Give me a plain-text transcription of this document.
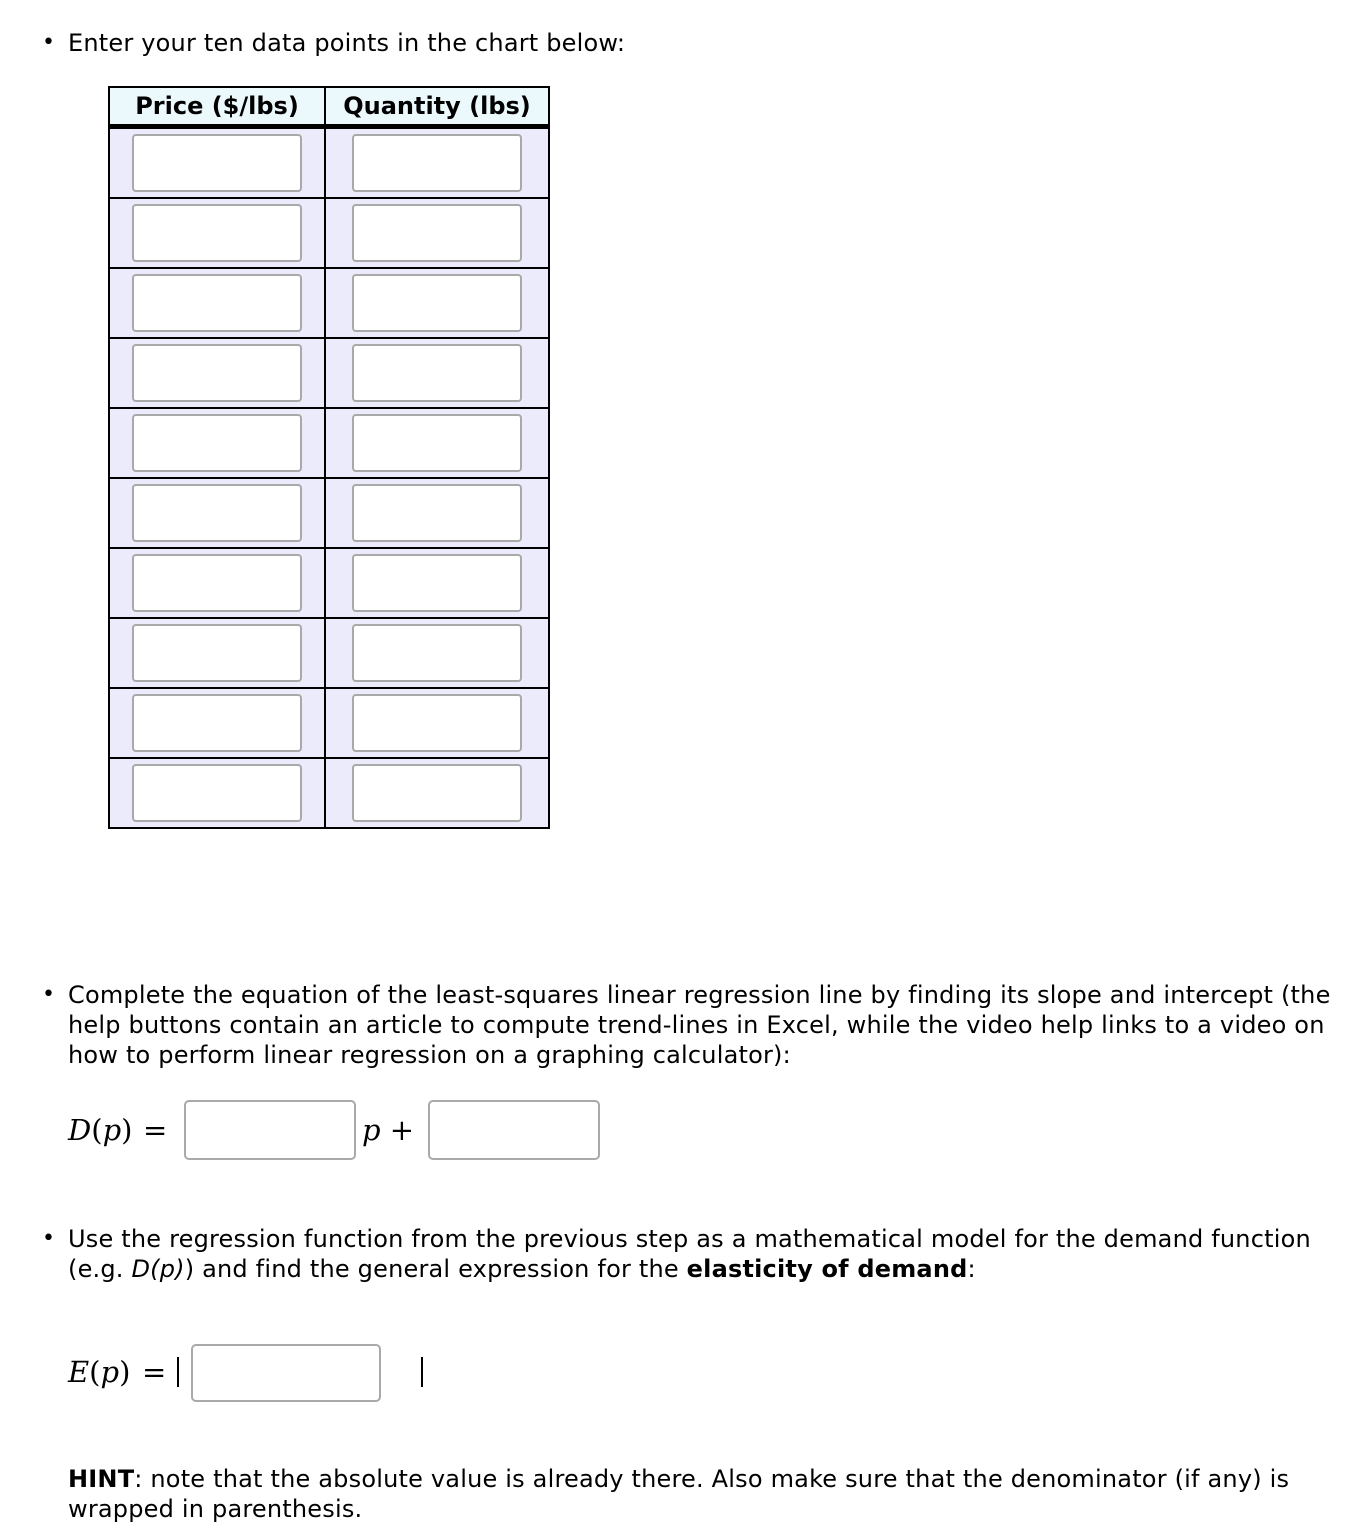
• Enter your ten data points in the chart below:
Price ($/lbs)	Quantity (lbs)

• Complete the equation of the least-squares linear regression line by finding its slope and intercept (the
help buttons contain an article to compute trend-lines in Excel, while the video help links to a video on
how to perform linear regression on a graphing calculator):
D(p) =	p +
• Use the regression function from the previous step as a mathematical model for the demand function
(e.g. D(p)) and find the general expression for the elasticity of demand:
E(p) =
HINT: note that the absolute value is already there. Also make sure that the denominator (if any) is
wrapped in parenthesis.
